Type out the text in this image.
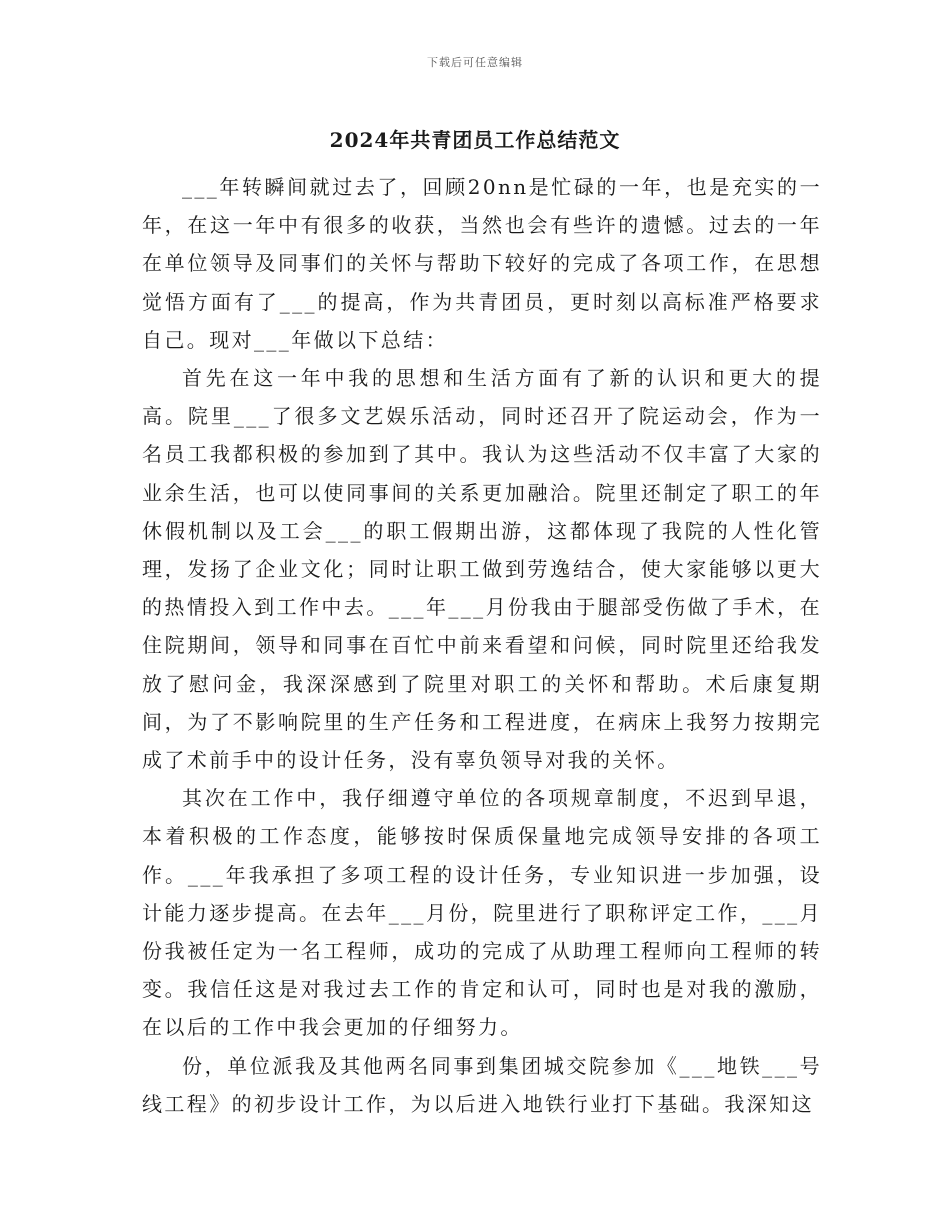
下载后可任意编辑
2024年共青团员工作总结范文

___年转瞬间就过去了，回顾20nn是忙碌的一年，也是充实的一年，在这一年中有很多的收获，当然也会有些许的遗憾。过去的一年在单位领导及同事们的关怀与帮助下较好的完成了各项工作，在思想觉悟方面有了___的提高，作为共青团员，更时刻以高标准严格要求自己。现对___年做以下总结：

首先在这一年中我的思想和生活方面有了新的认识和更大的提高。院里___了很多文艺娱乐活动，同时还召开了院运动会，作为一名员工我都积极的参加到了其中。我认为这些活动不仅丰富了大家的业余生活，也可以使同事间的关系更加融洽。院里还制定了职工的年休假机制以及工会___的职工假期出游，这都体现了我院的人性化管理，发扬了企业文化；同时让职工做到劳逸结合，使大家能够以更大的热情投入到工作中去。___年___月份我由于腿部受伤做了手术，在住院期间，领导和同事在百忙中前来看望和问候，同时院里还给我发放了慰问金，我深深感到了院里对职工的关怀和帮助。术后康复期间，为了不影响院里的生产任务和工程进度，在病床上我努力按期完成了术前手中的设计任务，没有辜负领导对我的关怀。

其次在工作中，我仔细遵守单位的各项规章制度，不迟到早退，本着积极的工作态度，能够按时保质保量地完成领导安排的各项工作。___年我承担了多项工程的设计任务，专业知识进一步加强，设计能力逐步提高。在去年___月份，院里进行了职称评定工作，___月份我被任定为一名工程师，成功的完成了从助理工程师向工程师的转变。我信任这是对我过去工作的肯定和认可，同时也是对我的激励，在以后的工作中我会更加的仔细努力。

份，单位派我及其他两名同事到集团城交院参加《___地铁___号线工程》的初步设计工作，为以后进入地铁行业打下基础。我深知这
